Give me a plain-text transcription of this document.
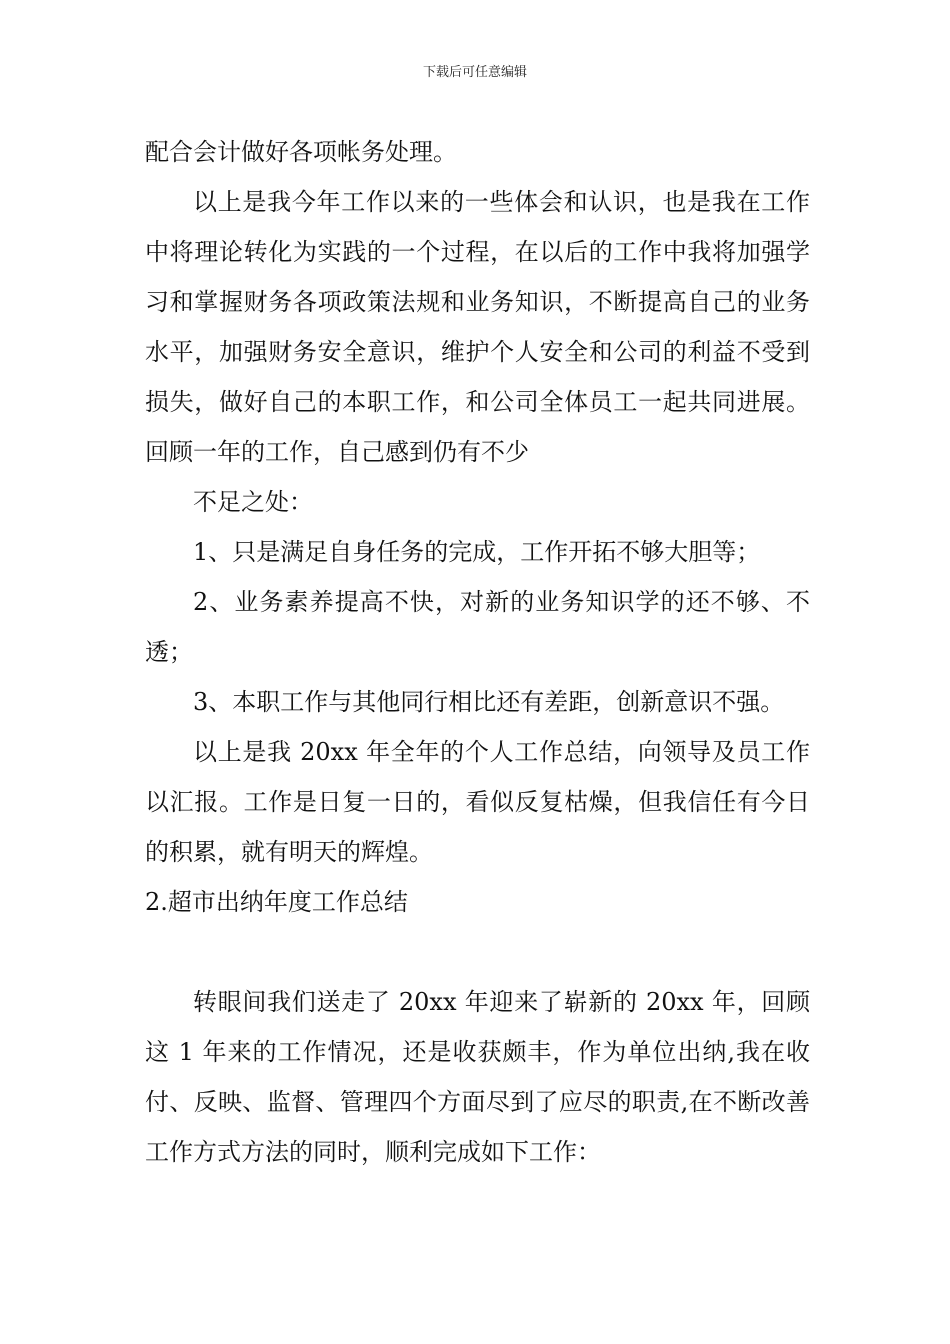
下载后可任意编辑

配合会计做好各项帐务处理。

以上是我今年工作以来的一些体会和认识，也是我在工作中将理论转化为实践的一个过程，在以后的工作中我将加强学习和掌握财务各项政策法规和业务知识，不断提高自己的业务水平，加强财务安全意识，维护个人安全和公司的利益不受到损失，做好自己的本职工作，和公司全体员工一起共同进展。回顾一年的工作，自己感到仍有不少

不足之处：

1、只是满足自身任务的完成，工作开拓不够大胆等；

2、业务素养提高不快，对新的业务知识学的还不够、不透；

3、本职工作与其他同行相比还有差距，创新意识不强。

以上是我 20xx 年全年的个人工作总结，向领导及员工作以汇报。工作是日复一日的，看似反复枯燥，但我信任有今日的积累，就有明天的辉煌。

2.超市出纳年度工作总结

转眼间我们送走了 20xx 年迎来了崭新的 20xx 年，回顾这 1 年来的工作情况，还是收获颇丰，作为单位出纳,我在收付、反映、监督、管理四个方面尽到了应尽的职责,在不断改善工作方式方法的同时，顺利完成如下工作：
